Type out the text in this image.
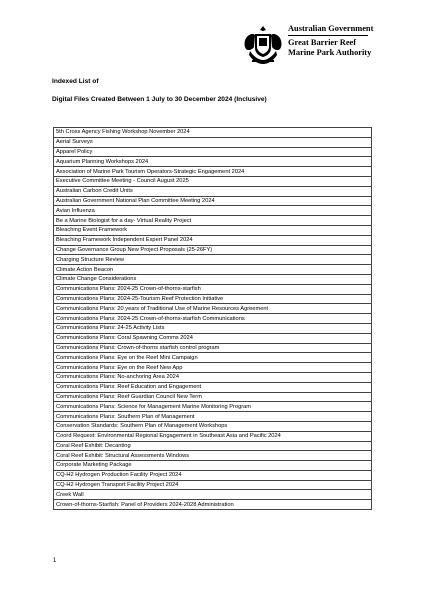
Australian Government
Great Barrier Reef
Marine Park Authority
Indexed List of
Digital Files Created Between 1 July to 30 December 2024 (Inclusive)
5th Cross Agency Fishing Workshop November 2024
Aerial Surveys
Apparel Policy
Aquarium Planning Workshops 2024
Association of Marine Park Tourism Operators-Strategic Engagement 2024
Executive Committee Meeting - Council August 2025
Australian Carbon Credit Units
Australian Government National Plan Committee Meeting 2024
Avian Influenza
Be a Marine Biologist for a day- Virtual Reality Project
Bleaching Event Framework
Bleaching Framework Independent Expert Panel 2024
Change Governance Group New Project Proposals (25-26FY)
Charging Structure Review
Climate Action Beacon
Climate Change Considerations
Communications Plans: 2024-25 Crown-of-thorns-starfish
Communications Plans: 2024-25-Tourism Reef Protection Initiative
Communications Plans: 20 years of Traditional Use of Marine Resources Agreement
Communications Plans: 2024-25 Crown-of-thorns-starfish Communications
Communications Plans: 24-25 Activity Lists
Communications Plans: Coral Spawning Comms 2024
Communications Plans: Crown-of-thorns starfish control program
Communications Plans: Eye on the Reef Mini Campaign
Communications Plans: Eye on the Reef New App
Communications Plans: No-anchoring Area 2024
Communications Plans: Reef Education and Engagement
Communications Plans: Reef Guardian Council New Term
Communications Plans: Science for Management Marine Monitoring Program
Communications Plans: Southern Plan of Management
Conservation Standards: Southern Plan of Management Workshops
Coord Request: Environmental Regional Engagement in Southeast Asia and Pacific 2024
Coral Reef Exhibit: Decanting
Coral Reef Exhibit: Structural Assessments Windows
Corporate Marketing Package
CQ-H2 Hydrogen Production Facility Project 2024
CQ-H2 Hydrogen Transport Facility Project 2024
Creek Wall
Crown-of-thorns-Starfish: Panel of Providers 2024-2028 Administration
1
